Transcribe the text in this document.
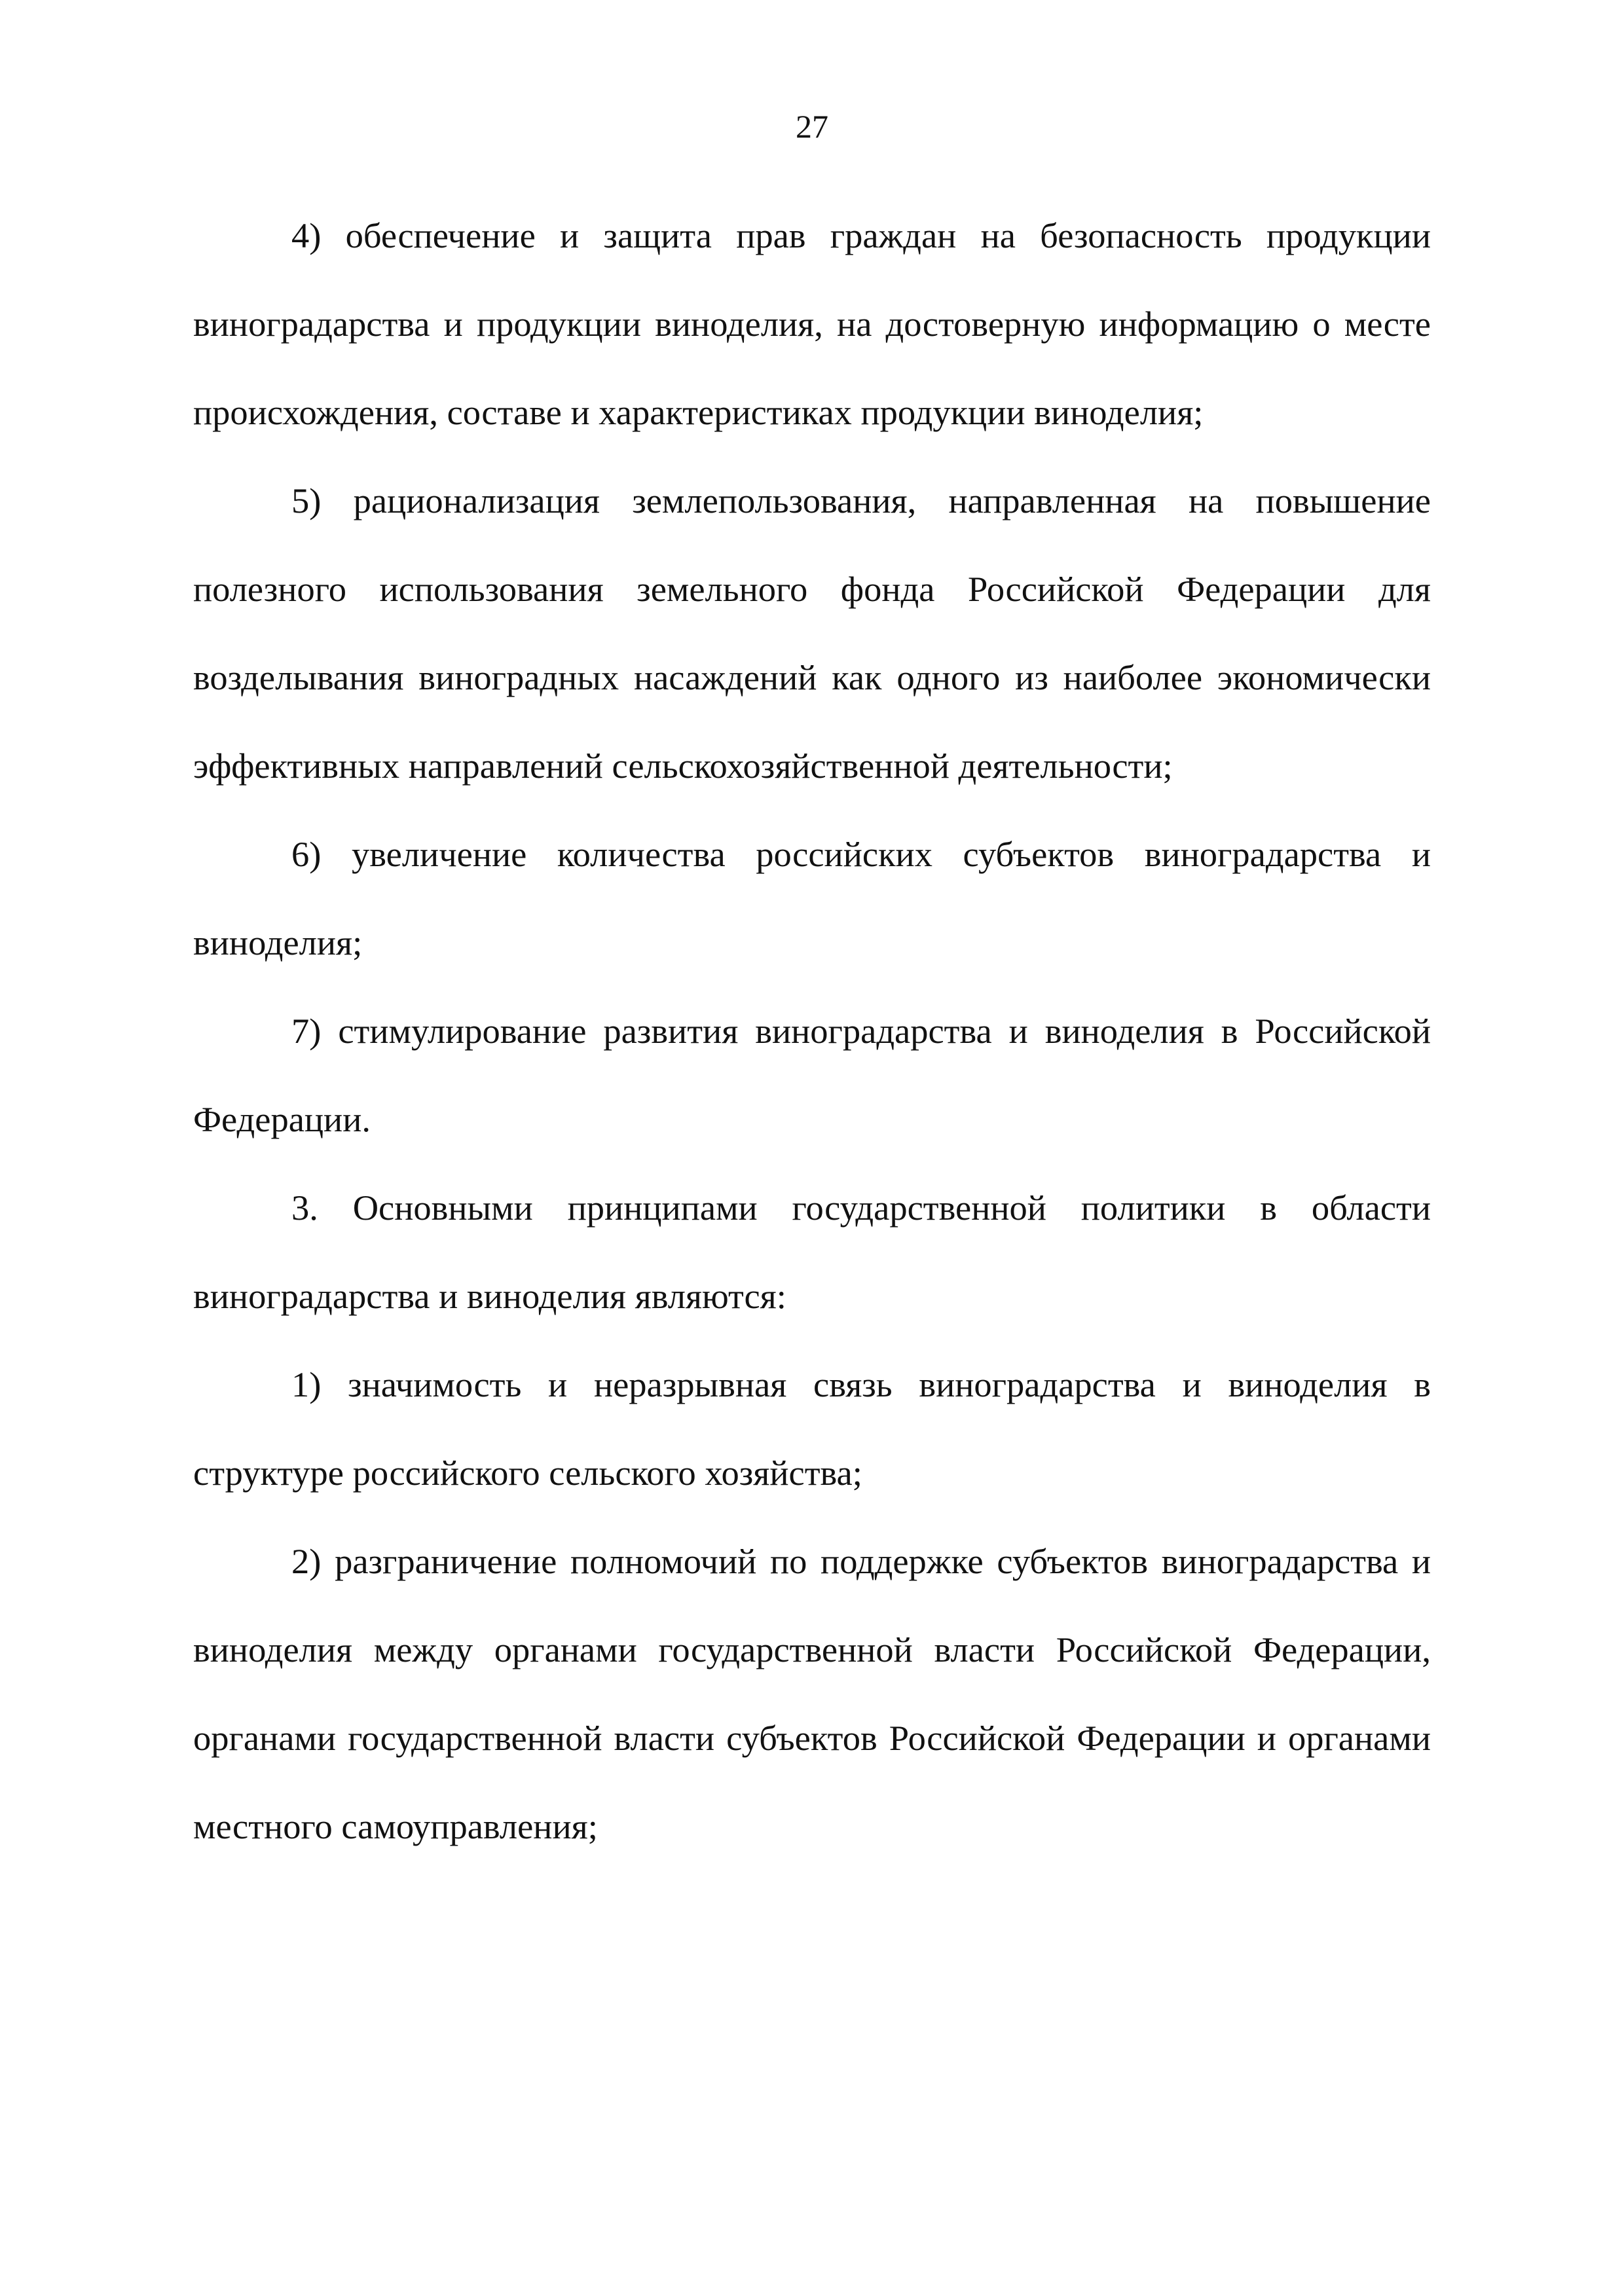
27

4) обеспечение и защита прав граждан на безопасность продукции виноградарства и продукции виноделия, на достоверную информацию о месте происхождения, составе и характеристиках продукции виноделия;

5) рационализация землепользования, направленная на повышение полезного использования земельного фонда Российской Федерации для возделывания виноградных насаждений как одного из наиболее экономически эффективных направлений сельскохозяйственной деятельности;

6) увеличение количества российских субъектов виноградарства и виноделия;

7) стимулирование развития виноградарства и виноделия в Российской Федерации.

3. Основными принципами государственной политики в области виноградарства и виноделия являются:

1) значимость и неразрывная связь виноградарства и виноделия в структуре российского сельского хозяйства;

2) разграничение полномочий по поддержке субъектов виноградарства и виноделия между органами государственной власти Российской Федерации, органами государственной власти субъектов Российской Федерации и органами местного самоуправления;
